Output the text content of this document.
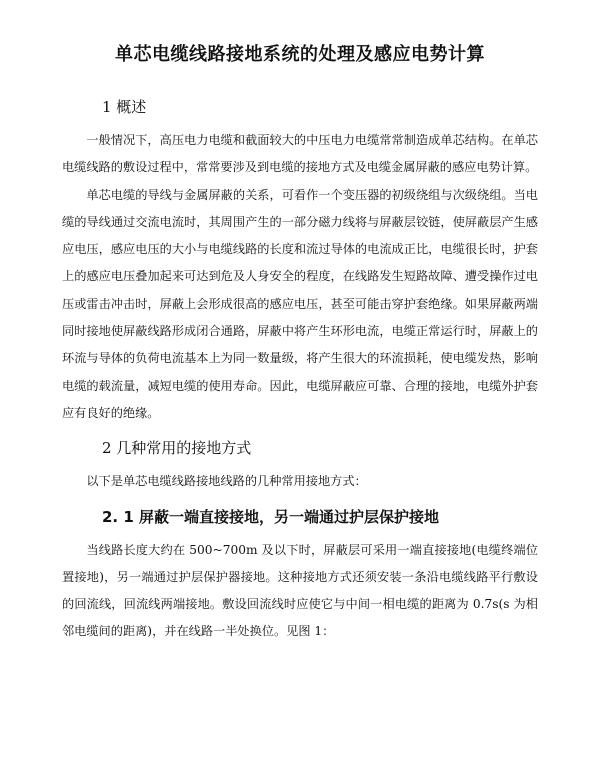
单芯电缆线路接地系统的处理及感应电势计算
1 概述

一般情况下，高压电力电缆和截面较大的中压电力电缆常常制造成单芯结构。在单芯电缆线路的敷设过程中，常常要涉及到电缆的接地方式及电缆金属屏蔽的感应电势计算。

单芯电缆的导线与金属屏蔽的关系，可看作一个变压器的初级绕组与次级绕组。当电缆的导线通过交流电流时，其周围产生的一部分磁力线将与屏蔽层铰链，使屏蔽层产生感应电压，感应电压的大小与电缆线路的长度和流过导体的电流成正比，电缆很长时，护套上的感应电压叠加起来可达到危及人身安全的程度，在线路发生短路故障、遭受操作过电压或雷击冲击时，屏蔽上会形成很高的感应电压，甚至可能击穿护套绝缘。如果屏蔽两端同时接地使屏蔽线路形成闭合通路，屏蔽中将产生环形电流，电缆正常运行时，屏蔽上的环流与导体的负荷电流基本上为同一数量级，将产生很大的环流损耗，使电缆发热，影响电缆的载流量，减短电缆的使用寿命。因此，电缆屏蔽应可靠、合理的接地，电缆外护套应有良好的绝缘。

2 几种常用的接地方式

以下是单芯电缆线路接地线路的几种常用接地方式：

2. 1 屏蔽一端直接接地，另一端通过护层保护接地

当线路长度大约在 500~700m 及以下时，屏蔽层可采用一端直接接地(电缆终端位置接地)，另一端通过护层保护器接地。这种接地方式还须安装一条沿电缆线路平行敷设的回流线，回流线两端接地。敷设回流线时应使它与中间一相电缆的距离为 0.7s(s 为相邻电缆间的距离)，并在线路一半处换位。见图 1：
